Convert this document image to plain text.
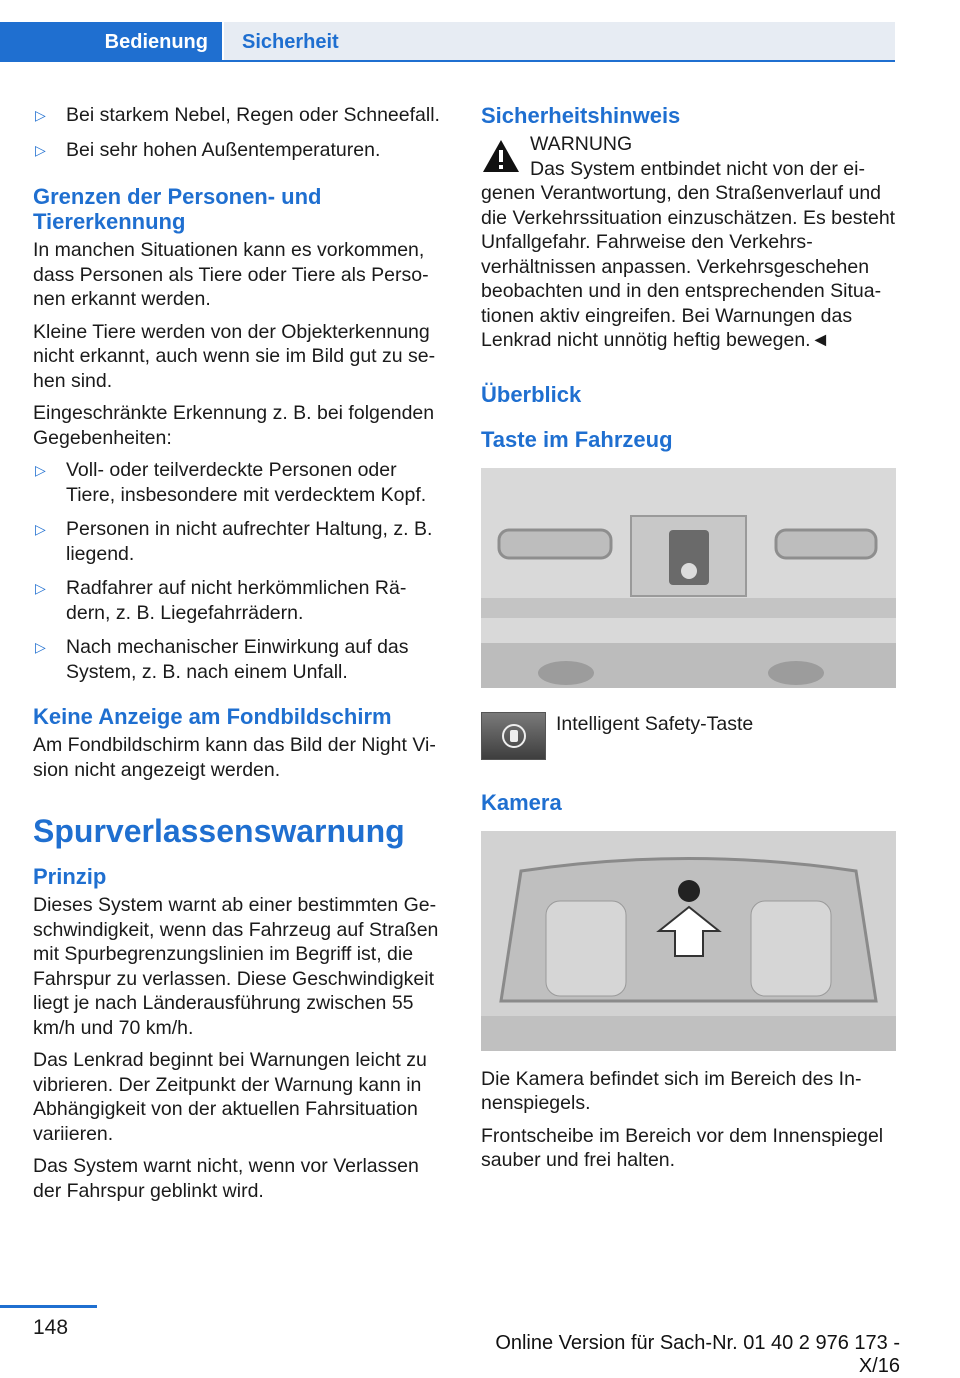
Bedienung	Sicherheit
▷ Bei starkem Nebel, Regen oder Schneefall.
▷ Bei sehr hohen Außentemperaturen.
Grenzen der Personen- und Tiererkennung

In manchen Situationen kann es vorkommen, dass Personen als Tiere oder Tiere als Personen erkannt werden.

Kleine Tiere werden von der Objekterkennung nicht erkannt, auch wenn sie im Bild gut zu sehen sind.

Eingeschränkte Erkennung z. B. bei folgenden Gegebenheiten:

▷ Voll- oder teilverdeckte Personen oder Tiere, insbesondere mit verdecktem Kopf.
▷ Personen in nicht aufrechter Haltung, z. B. liegend.
▷ Radfahrer auf nicht herkömmlichen Rädern, z. B. Liegefahrrädern.
▷ Nach mechanischer Einwirkung auf das System, z. B. nach einem Unfall.
Keine Anzeige am Fondbildschirm

Am Fondbildschirm kann das Bild der Night Vision nicht angezeigt werden.

Spurverlassenswarnung
Prinzip

Dieses System warnt ab einer bestimmten Geschwindigkeit, wenn das Fahrzeug auf Straßen mit Spurbegrenzungslinien im Begriff ist, die Fahrspur zu verlassen. Diese Geschwindigkeit liegt je nach Länderausführung zwischen 55 km/h und 70 km/h.

Das Lenkrad beginnt bei Warnungen leicht zu vibrieren. Der Zeitpunkt der Warnung kann in Abhängigkeit von der aktuellen Fahrsituation variieren.

Das System warnt nicht, wenn vor Verlassen der Fahrspur geblinkt wird.

Sicherheitshinweis
WARNUNG
Das System entbindet nicht von der eigenen Verantwortung, den Straßenverlauf und die Verkehrssituation einzuschätzen. Es besteht Unfallgefahr. Fahrweise den Verkehrsverhältnissen anpassen. Verkehrsgeschehen beobachten und in den entsprechenden Situationen aktiv eingreifen. Bei Warnungen das Lenkrad nicht unnötig heftig bewegen.◄
Überblick
Taste im Fahrzeug
Intelligent Safety-Taste
Kamera

Die Kamera befindet sich im Bereich des Innenspiegels.

Frontscheibe im Bereich vor dem Innenspiegel sauber und frei halten.

148
Online Version für Sach-Nr. 01 40 2 976 173 - X/16
